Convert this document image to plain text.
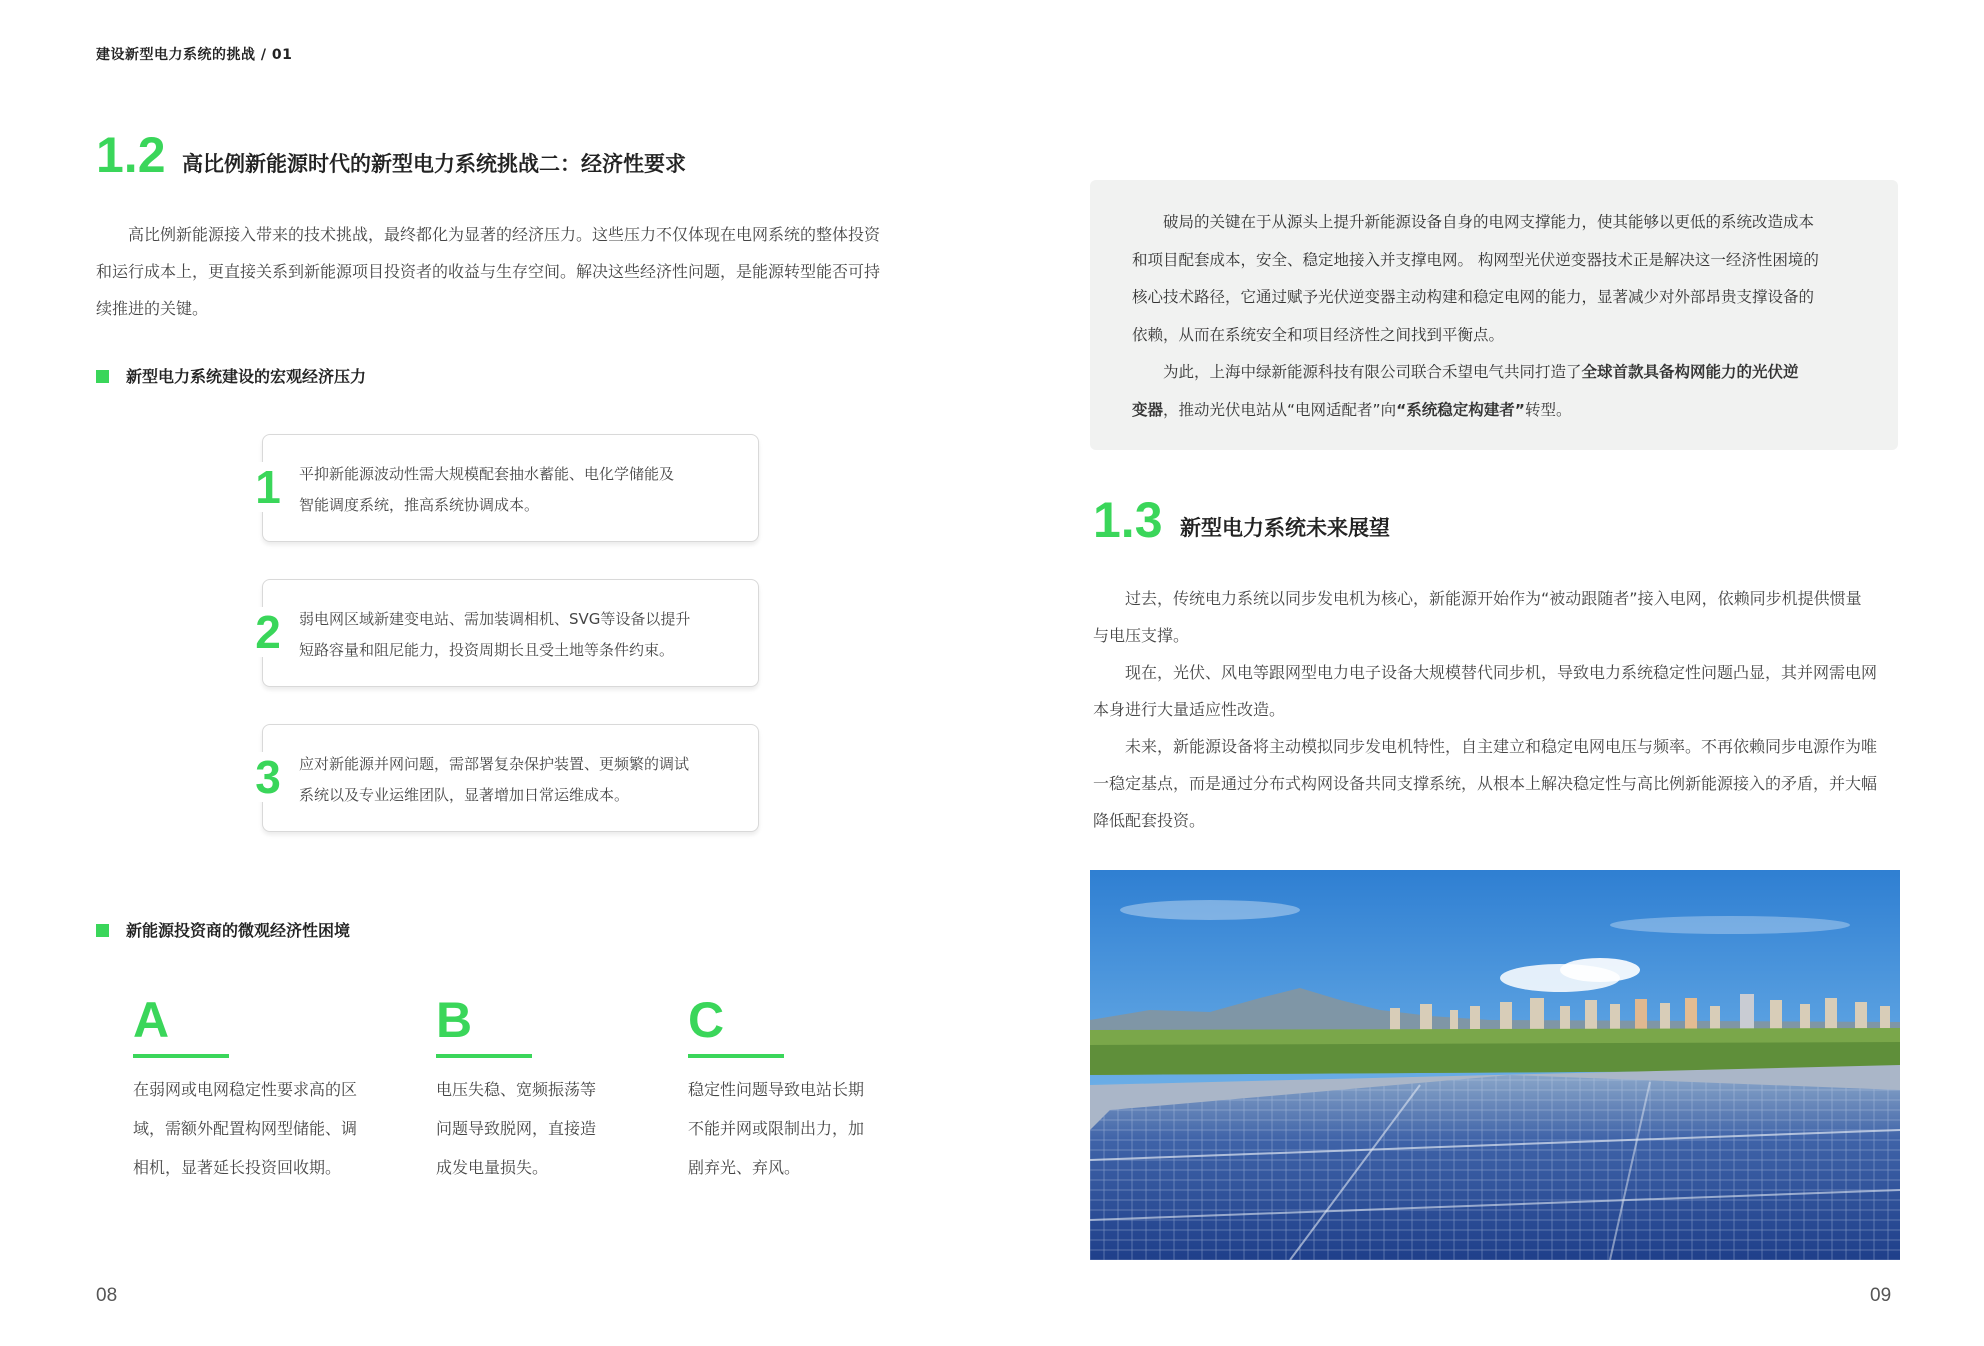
建设新型电力系统的挑战 / 01
1.2 高比例新能源时代的新型电力系统挑战二：经济性要求
高比例新能源接入带来的技术挑战，最终都化为显著的经济压力。这些压力不仅体现在电网系统的整体投资
和运行成本上，更直接关系到新能源项目投资者的收益与生存空间。解决这些经济性问题，是能源转型能否可持
续推进的关键。
新型电力系统建设的宏观经济压力
1 平抑新能源波动性需大规模配套抽水蓄能、电化学储能及
智能调度系统，推高系统协调成本。
2 弱电网区域新建变电站、需加装调相机、SVG等设备以提升
短路容量和阻尼能力，投资周期长且受土地等条件约束。
3 应对新能源并网问题，需部署复杂保护装置、更频繁的调试
系统以及专业运维团队，显著增加日常运维成本。
新能源投资商的微观经济性困境
A
在弱网或电网稳定性要求高的区
域，需额外配置构网型储能、调
相机，显著延长投资回收期。
B
电压失稳、宽频振荡等
问题导致脱网，直接造
成发电量损失。
C
稳定性问题导致电站长期
不能并网或限制出力，加
剧弃光、弃风。
08
破局的关键在于从源头上提升新能源设备自身的电网支撑能力，使其能够以更低的系统改造成本
和项目配套成本，安全、稳定地接入并支撑电网。 构网型光伏逆变器技术正是解决这一经济性困境的
核心技术路径，它通过赋予光伏逆变器主动构建和稳定电网的能力，显著减少对外部昂贵支撑设备的
依赖，从而在系统安全和项目经济性之间找到平衡点。
为此，上海中绿新能源科技有限公司联合禾望电气共同打造了全球首款具备构网能力的光伏逆
变器，推动光伏电站从“电网适配者”向“系统稳定构建者”转型。
1.3 新型电力系统未来展望
过去，传统电力系统以同步发电机为核心，新能源开始作为“被动跟随者”接入电网，依赖同步机提供惯量
与电压支撑。
现在，光伏、风电等跟网型电力电子设备大规模替代同步机，导致电力系统稳定性问题凸显，其并网需电网
本身进行大量适应性改造。
未来，新能源设备将主动模拟同步发电机特性，自主建立和稳定电网电压与频率。不再依赖同步电源作为唯
一稳定基点，而是通过分布式构网设备共同支撑系统，从根本上解决稳定性与高比例新能源接入的矛盾，并大幅
降低配套投资。
09
